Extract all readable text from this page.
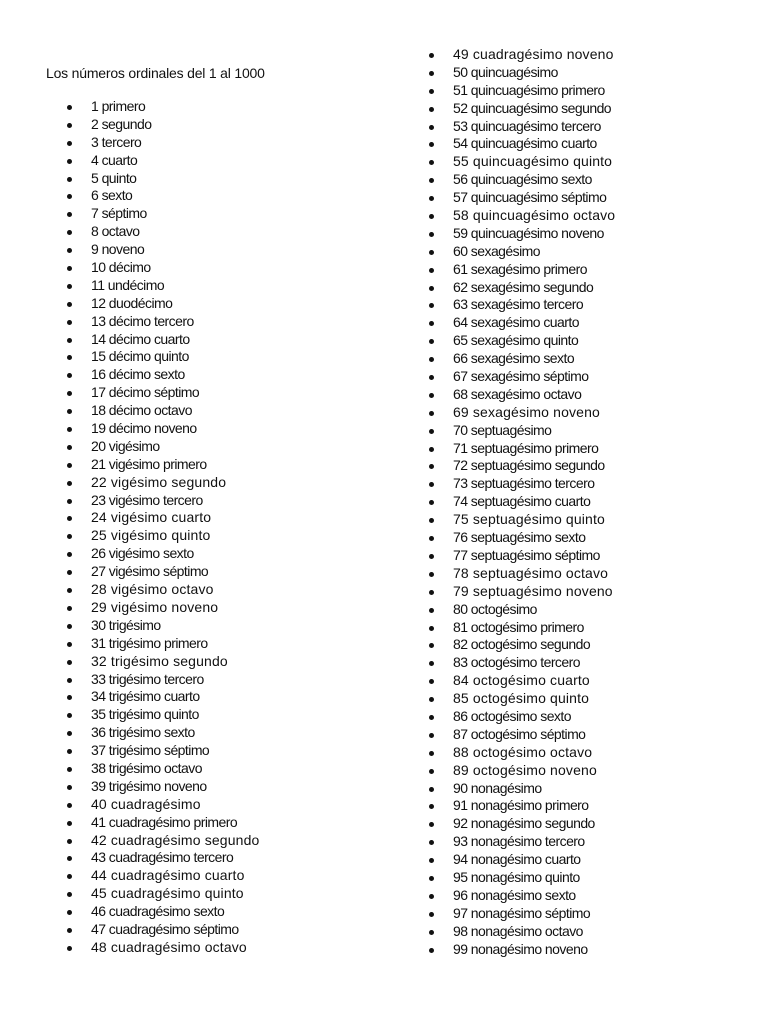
Los números ordinales del 1 al 1000
1 primero
2 segundo
3 tercero
4 cuarto
5 quinto
6 sexto
7 séptimo
8 octavo
9 noveno
10 décimo
11 undécimo
12 duodécimo
13 décimo tercero
14 décimo cuarto
15 décimo quinto
16 décimo sexto
17 décimo séptimo
18 décimo octavo
19 décimo noveno
20 vigésimo
21 vigésimo primero
22 vigésimo segundo
23 vigésimo tercero
24 vigésimo cuarto
25 vigésimo quinto
26 vigésimo sexto
27 vigésimo séptimo
28 vigésimo octavo
29 vigésimo noveno
30 trigésimo
31 trigésimo primero
32 trigésimo segundo
33 trigésimo tercero
34 trigésimo cuarto
35 trigésimo quinto
36 trigésimo sexto
37 trigésimo séptimo
38 trigésimo octavo
39 trigésimo noveno
40 cuadragésimo
41 cuadragésimo primero
42 cuadragésimo segundo
43 cuadragésimo tercero
44 cuadragésimo cuarto
45 cuadragésimo quinto
46 cuadragésimo sexto
47 cuadragésimo séptimo
48 cuadragésimo octavo
49 cuadragésimo noveno
50 quincuagésimo
51 quincuagésimo primero
52 quincuagésimo segundo
53 quincuagésimo tercero
54 quincuagésimo cuarto
55 quincuagésimo quinto
56 quincuagésimo sexto
57 quincuagésimo séptimo
58 quincuagésimo octavo
59 quincuagésimo noveno
60 sexagésimo
61 sexagésimo primero
62 sexagésimo segundo
63 sexagésimo tercero
64 sexagésimo cuarto
65 sexagésimo quinto
66 sexagésimo sexto
67 sexagésimo séptimo
68 sexagésimo octavo
69 sexagésimo noveno
70 septuagésimo
71 septuagésimo primero
72 septuagésimo segundo
73 septuagésimo tercero
74 septuagésimo cuarto
75 septuagésimo quinto
76 septuagésimo sexto
77 septuagésimo séptimo
78 septuagésimo octavo
79 septuagésimo noveno
80 octogésimo
81 octogésimo primero
82 octogésimo segundo
83 octogésimo tercero
84 octogésimo cuarto
85 octogésimo quinto
86 octogésimo sexto
87 octogésimo séptimo
88 octogésimo octavo
89 octogésimo noveno
90 nonagésimo
91 nonagésimo primero
92 nonagésimo segundo
93 nonagésimo tercero
94 nonagésimo cuarto
95 nonagésimo quinto
96 nonagésimo sexto
97 nonagésimo séptimo
98 nonagésimo octavo
99 nonagésimo noveno
